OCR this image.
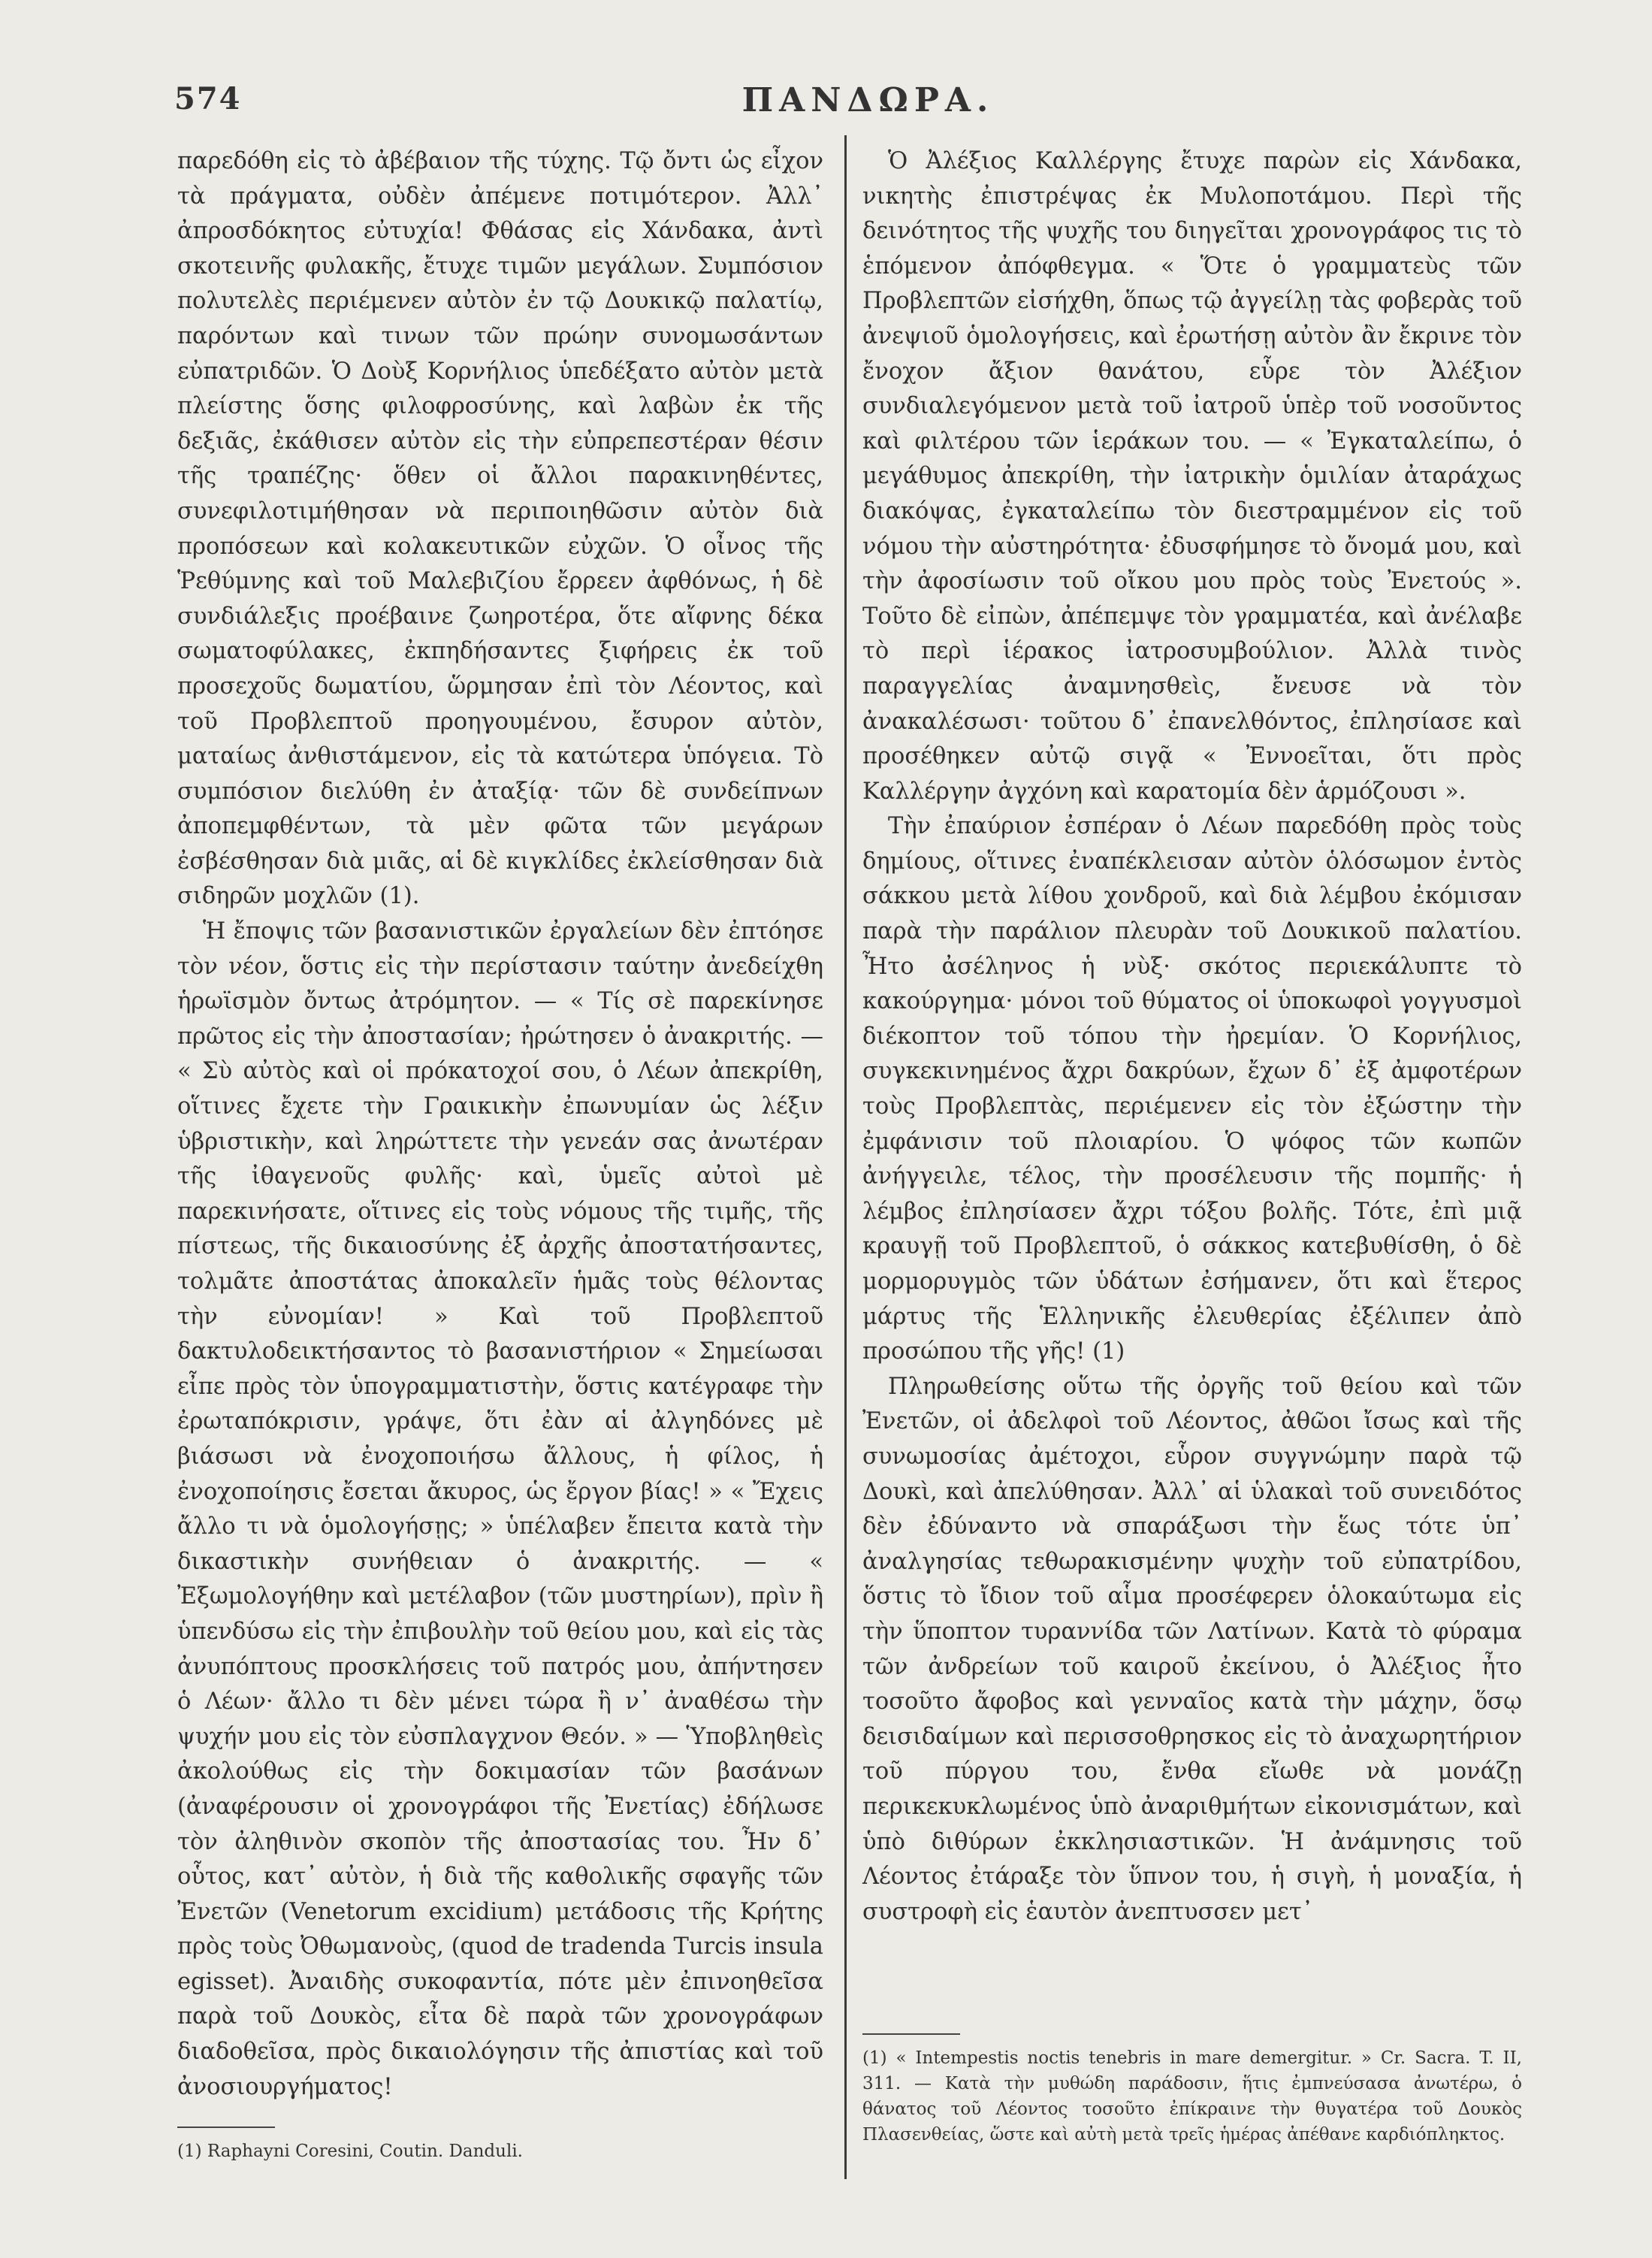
574	ΠΑΝΔΩΡΑ.
παρεδόθη εἰς τὸ ἀβέβαιον τῆς τύχης. Τῷ ὄντι ὡς εἶχον τὰ πράγματα, οὐδὲν ἀπέμενε ποτιμότερον. Ἀλλ᾽ ἀπροσδόκητος εὐτυχία! Φθάσας εἰς Χάνδακα, ἀντὶ σκοτεινῆς φυλακῆς, ἔτυχε τιμῶν μεγάλων. Συμπόσιον πολυτελὲς περιέμενεν αὐτὸν ἐν τῷ Δουκικῷ παλατίῳ, παρόντων καὶ τινων τῶν πρώην συνομωσάντων εὐπατριδῶν. Ὁ Δοὺξ Κορνήλιος ὑπεδέξατο αὐτὸν μετὰ πλείστης ὅσης φιλοφροσύνης, καὶ λαβὼν ἐκ τῆς δεξιᾶς, ἐκάθισεν αὐτὸν εἰς τὴν εὐπρεπεστέραν θέσιν τῆς τραπέζης· ὅθεν οἱ ἄλλοι παρακινηθέντες, συνεφιλοτιμήθησαν νὰ περιποιηθῶσιν αὐτὸν διὰ προπόσεων καὶ κολακευτικῶν εὐχῶν. Ὁ οἶνος τῆς Ῥεθύμνης καὶ τοῦ Μαλεβιζίου ἔρρεεν ἀφθόνως, ἡ δὲ συνδιάλεξις προέβαινε ζωηροτέρα, ὅτε αἴφνης δέκα σωματοφύλακες, ἐκπηδήσαντες ξιφήρεις ἐκ τοῦ προσεχοῦς δωματίου, ὥρμησαν ἐπὶ τὸν Λέοντος, καὶ τοῦ Προβλεπτοῦ προηγουμένου, ἔσυρον αὐτὸν, ματαίως ἀνθιστάμενον, εἰς τὰ κατώτερα ὑπόγεια. Τὸ συμπόσιον διελύθη ἐν ἀταξίᾳ· τῶν δὲ συνδείπνων ἀποπεμφθέντων, τὰ μὲν φῶτα τῶν μεγάρων ἐσβέσθησαν διὰ μιᾶς, αἱ δὲ κιγκλίδες ἐκλείσθησαν διὰ σιδηρῶν μοχλῶν (1).
Ἡ ἔποψις τῶν βασανιστικῶν ἐργαλείων δὲν ἐπτόησε τὸν νέον, ὅστις εἰς τὴν περίστασιν ταύτην ἀνεδείχθη ἡρωϊσμὸν ὄντως ἀτρόμητον. — « Τίς σὲ παρεκίνησε πρῶτος εἰς τὴν ἀποστασίαν; ἠρώτησεν ὁ ἀνακριτής. — « Σὺ αὐτὸς καὶ οἱ πρόκατοχοί σου, ὁ Λέων ἀπεκρίθη, οἵτινες ἔχετε τὴν Γραικικὴν ἐπωνυμίαν ὡς λέξιν ὑβριστικὴν, καὶ ληρώττετε τὴν γενεάν σας ἀνωτέραν τῆς ἰθαγενοῦς φυλῆς· καὶ, ὑμεῖς αὐτοὶ μὲ παρεκινήσατε, οἵτινες εἰς τοὺς νόμους τῆς τιμῆς, τῆς πίστεως, τῆς δικαιοσύνης ἐξ ἀρχῆς ἀποστατήσαντες, τολμᾶτε ἀποστάτας ἀποκαλεῖν ἡμᾶς τοὺς θέλοντας τὴν εὐνομίαν! » Καὶ τοῦ Προβλεπτοῦ δακτυλοδεικτήσαντος τὸ βασανιστήριον « Σημείωσαι εἶπε πρὸς τὸν ὑπογραμματιστὴν, ὅστις κατέγραφε τὴν ἐρωταπόκρισιν, γράψε, ὅτι ἐὰν αἱ ἀλγηδόνες μὲ βιάσωσι νὰ ἐνοχοποιήσω ἄλλους, ἡ φίλος, ἡ ἐνοχοποίησις ἔσεται ἄκυρος, ὡς ἔργον βίας! » « Ἔχεις ἄλλο τι νὰ ὁμολογήσῃς; » ὑπέλαβεν ἔπειτα κατὰ τὴν δικαστικὴν συνήθειαν ὁ ἀνακριτής. — « Ἐξωμολογήθην καὶ μετέλαβον (τῶν μυστηρίων), πρὶν ἢ ὑπενδύσω εἰς τὴν ἐπιβουλὴν τοῦ θείου μου, καὶ εἰς τὰς ἀνυπόπτους προσκλήσεις τοῦ πατρός μου, ἀπήντησεν ὁ Λέων· ἄλλο τι δὲν μένει τώρα ἢ ν᾽ ἀναθέσω τὴν ψυχήν μου εἰς τὸν εὐσπλαγχνον Θεόν. » — Ὑποβληθεὶς ἀκολούθως εἰς τὴν δοκιμασίαν τῶν βασάνων (ἀναφέρουσιν οἱ χρονογράφοι τῆς Ἐνετίας) ἐδήλωσε τὸν ἀληθινὸν σκοπὸν τῆς ἀποστασίας του. Ἦν δ᾽ οὗτος, κατ᾽ αὐτὸν, ἡ διὰ τῆς καθολικῆς σφαγῆς τῶν Ἐνετῶν (Venetorum excidium) μετάδοσις τῆς Κρήτης πρὸς τοὺς Ὀθωμανοὺς, (quod de tradenda Turcis insula egisset). Ἀναιδὴς συκοφαντία, πότε μὲν ἐπινοηθεῖσα παρὰ τοῦ Δουκὸς, εἶτα δὲ παρὰ τῶν χρονογράφων διαδοθεῖσα, πρὸς δικαιολόγησιν τῆς ἀπιστίας καὶ τοῦ ἀνοσιουργήματος!
Ὁ Ἀλέξιος Καλλέργης ἔτυχε παρὼν εἰς Χάνδακα, νικητὴς ἐπιστρέψας ἐκ Μυλοποτάμου. Περὶ τῆς δεινότητος τῆς ψυχῆς του διηγεῖται χρονογράφος τις τὸ ἑπόμενον ἀπόφθεγμα. « Ὅτε ὁ γραμματεὺς τῶν Προβλεπτῶν εἰσήχθη, ὅπως τῷ ἀγγείλῃ τὰς φοβερὰς τοῦ ἀνεψιοῦ ὁμολογήσεις, καὶ ἐρωτήσῃ αὐτὸν ἂν ἔκρινε τὸν ἔνοχον ἄξιον θανάτου, εὗρε τὸν Ἀλέξιον συνδιαλεγόμενον μετὰ τοῦ ἰατροῦ ὑπὲρ τοῦ νοσοῦντος καὶ φιλτέρου τῶν ἱεράκων του. — « Ἐγκαταλείπω, ὁ μεγάθυμος ἀπεκρίθη, τὴν ἰατρικὴν ὁμιλίαν ἀταράχως διακόψας, ἐγκαταλείπω τὸν διεστραμμένον εἰς τοῦ νόμου τὴν αὐστηρότητα· ἐδυσφήμησε τὸ ὄνομά μου, καὶ τὴν ἀφοσίωσιν τοῦ οἴκου μου πρὸς τοὺς Ἐνετούς ». Τοῦτο δὲ εἰπὼν, ἀπέπεμψε τὸν γραμματέα, καὶ ἀνέλαβε τὸ περὶ ἱέρακος ἰατροσυμβούλιον. Ἀλλὰ τινὸς παραγγελίας ἀναμνησθεὶς, ἔνευσε νὰ τὸν ἀνακαλέσωσι· τοῦτου δ᾽ ἐπανελθόντος, ἐπλησίασε καὶ προσέθηκεν αὐτῷ σιγᾷ « Ἐννοεῖται, ὅτι πρὸς Καλλέργην ἀγχόνη καὶ καρατομία δὲν ἁρμόζουσι ».
Τὴν ἐπαύριον ἐσπέραν ὁ Λέων παρεδόθη πρὸς τοὺς δημίους, οἵτινες ἐναπέκλεισαν αὐτὸν ὁλόσωμον ἐντὸς σάκκου μετὰ λίθου χονδροῦ, καὶ διὰ λέμβου ἐκόμισαν παρὰ τὴν παράλιον πλευρὰν τοῦ Δουκικοῦ παλατίου. Ἦτο ἀσέληνος ἡ νὺξ· σκότος περιεκάλυπτε τὸ κακούργημα· μόνοι τοῦ θύματος οἱ ὑποκωφοὶ γογγυσμοὶ διέκοπτον τοῦ τόπου τὴν ἠρεμίαν. Ὁ Κορνήλιος, συγκεκινημένος ἄχρι δακρύων, ἔχων δ᾽ ἐξ ἀμφοτέρων τοὺς Προβλεπτὰς, περιέμενεν εἰς τὸν ἐξώστην τὴν ἐμφάνισιν τοῦ πλοιαρίου. Ὁ ψόφος τῶν κωπῶν ἀνήγγειλε, τέλος, τὴν προσέλευσιν τῆς πομπῆς· ἡ λέμβος ἐπλησίασεν ἄχρι τόξου βολῆς. Τότε, ἐπὶ μιᾷ κραυγῇ τοῦ Προβλεπτοῦ, ὁ σάκκος κατεβυθίσθη, ὁ δὲ μορμορυγμὸς τῶν ὑδάτων ἐσήμανεν, ὅτι καὶ ἕτερος μάρτυς τῆς Ἑλληνικῆς ἐλευθερίας ἐξέλιπεν ἀπὸ προσώπου τῆς γῆς! (1)
Πληρωθείσης οὕτω τῆς ὀργῆς τοῦ θείου καὶ τῶν Ἐνετῶν, οἱ ἀδελφοὶ τοῦ Λέοντος, ἀθῶοι ἴσως καὶ τῆς συνωμοσίας ἀμέτοχοι, εὗρον συγγνώμην παρὰ τῷ Δουκὶ, καὶ ἀπελύθησαν. Ἀλλ᾽ αἱ ὑλακαὶ τοῦ συνειδότος δὲν ἐδύναντο νὰ σπαράξωσι τὴν ἕως τότε ὑπ᾽ ἀναλγησίας τεθωρακισμένην ψυχὴν τοῦ εὐπατρίδου, ὅστις τὸ ἴδιον τοῦ αἷμα προσέφερεν ὁλοκαύτωμα εἰς τὴν ὕποπτον τυραννίδα τῶν Λατίνων. Κατὰ τὸ φύραμα τῶν ἀνδρείων τοῦ καιροῦ ἐκείνου, ὁ Ἀλέξιος ἦτο τοσοῦτο ἄφοβος καὶ γενναῖος κατὰ τὴν μάχην, ὅσῳ δεισιδαίμων καὶ περισσοθρησκος εἰς τὸ ἀναχωρητήριον τοῦ πύργου του, ἔνθα εἴωθε νὰ μονάζῃ περικεκυκλωμένος ὑπὸ ἀναριθμήτων εἰκονισμάτων, καὶ ὑπὸ διθύρων ἐκκλησιαστικῶν. Ἡ ἀνάμνησις τοῦ Λέοντος ἐτάραξε τὸν ὕπνον του, ἡ σιγὴ, ἡ μοναξία, ἡ συστροφὴ εἰς ἑαυτὸν ἀνεπτυσσεν μετ᾽
(1) Raphayni Coresini, Coutin. Danduli.
(1) « Intempestis noctis tenebris in mare demergitur. » Cr. Sacra. T. II, 311. — Κατὰ τὴν μυθώδη παράδοσιν, ἥτις ἐμπνεύσασα ἀνωτέρω, ὁ θάνατος τοῦ Λέοντος τοσοῦτο ἐπίκραινε τὴν θυγατέρα τοῦ Δουκὸς Πλασενθείας, ὥστε καὶ αὐτὴ μετὰ τρεῖς ἡμέρας ἀπέθανε καρδιόπληκτος.
